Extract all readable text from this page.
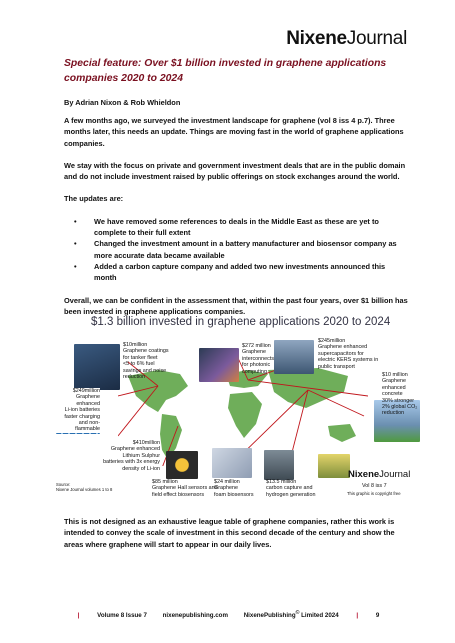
NixeneJournal
Special feature: Over $1 billion invested in graphene applications companies 2020 to 2024
By Adrian Nixon & Rob Whieldon
A few months ago, we surveyed the investment landscape for graphene (vol 8 iss 4 p.7). Three months later, this needs an update. Things are moving fast in the world of graphene applications companies.
We stay with the focus on private and government investment deals that are in the public domain and do not include investment raised by public offerings on stock exchanges around the world.
The updates are:
• We have removed some references to deals in the Middle East as these are yet to complete to their full extent
• Changed the investment amount in a battery manufacturer and biosensor company as more accurate data became available
• Added a carbon capture company and added two new investments announced this month
Overall, we can be confident in the assessment that, within the past four years, over $1 billion has been invested in graphene applications companies.
$1.3 billion invested in graphene applications 2020 to 2024
$10million
Graphene coatings
for tanker fleet
<5 to 6% fuel
savings and noise
reduction
$272 million
Graphene
interconnects
for photonic
computing
$245million
Graphene enhanced
supercapacitors for
electric KERS systems in
public transport
$249million
Graphene
enhanced
Li-ion batteries
faster charging
and non-
flammable
$10 million
Graphene
enhanced
concrete
30% stronger
2% global CO₂
reduction
$410million
Graphene enhanced
Lithium Sulphur
batteries with 3x energy
density of Li-ion
$85 million
Graphene Hall sensors and
field effect biosensors
$24 million
Graphene
foam biosensors
$13.5 million
carbon capture and
hydrogen generation
Source:
Nixene Journal volumes 1 to 8
NixeneJournal
Vol 8 iss 7
This graphic is copyright free
This is not designed as an exhaustive league table of graphene companies, rather this work is intended to convey the scale of investment in this second decade of the century and show the areas where graphene will start to appear in our daily lives.
|	Volume 8 Issue 7	nixenepublishing.com	NixenePublishing© Limited 2024	|	9
